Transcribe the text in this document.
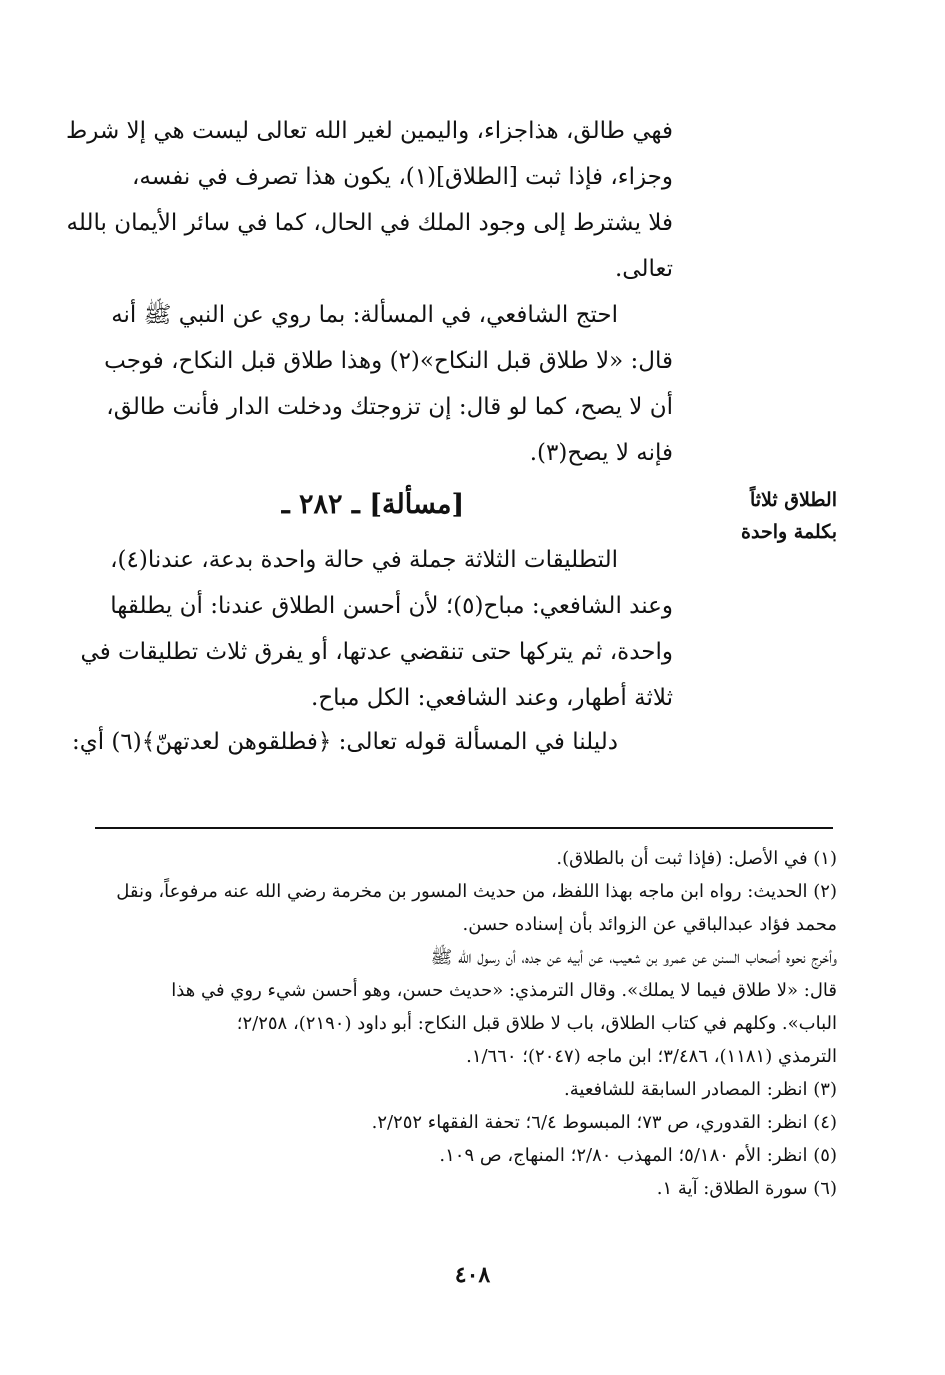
فهي طالق، هذاجزاء، واليمين لغير الله تعالى ليست هي إلا شرط
وجزاء، فإذا ثبت [الطلاق](١)، يكون هذا تصرف في نفسه،
فلا يشترط إلى وجود الملك في الحال، كما في سائر الأيمان بالله
تعالى.
احتج الشافعي، في المسألة: بما روي عن النبي ﷺ أنه
قال: «لا طلاق قبل النكاح»(٢) وهذا طلاق قبل النكاح، فوجب
أن لا يصح، كما لو قال: إن تزوجتك ودخلت الدار فأنت طالق،
فإنه لا يصح(٣).
[مسألة] ـ ٢٨٢ ـ	الطلاق ثلاثاً
بكلمة واحدة
التطليقات الثلاثة جملة في حالة واحدة بدعة، عندنا(٤)،
وعند الشافعي: مباح(٥)؛ لأن أحسن الطلاق عندنا: أن يطلقها
واحدة، ثم يتركها حتى تنقضي عدتها، أو يفرق ثلاث تطليقات في
ثلاثة أطهار، وعند الشافعي: الكل مباح.
دليلنا في المسألة قوله تعالى: ﴿فطلقوهن لعدتهنّ﴾(٦) أي:
(١) في الأصل: (فإذا ثبت أن بالطلاق).
(٢) الحديث: رواه ابن ماجه بهذا اللفظ، من حديث المسور بن مخرمة رضي الله عنه مرفوعاً، ونقل
محمد فؤاد عبدالباقي عن الزوائد بأن إسناده حسن.
وأخرج نحوه أصحاب السنن عن عمرو بن شعيب، عن أبيه عن جده، أن رسول الله ﷺ
قال: «لا طلاق فيما لا يملك». وقال الترمذي: «حديث حسن، وهو أحسن شيء روي في هذا
الباب». وكلهم في كتاب الطلاق، باب لا طلاق قبل النكاح: أبو داود (٢١٩٠)، ٢/٢٥٨؛
الترمذي (١١٨١)، ٣/٤٨٦؛ ابن ماجه (٢٠٤٧)؛ ١/٦٦٠.
(٣) انظر: المصادر السابقة للشافعية.
(٤) انظر: القدوري، ص ٧٣؛ المبسوط ٦/٤؛ تحفة الفقهاء ٢/٢٥٢.
(٥) انظر: الأم ٥/١٨٠؛ المهذب ٢/٨٠؛ المنهاج، ص ١٠٩.
(٦) سورة الطلاق: آية ١.
٤٠٨
